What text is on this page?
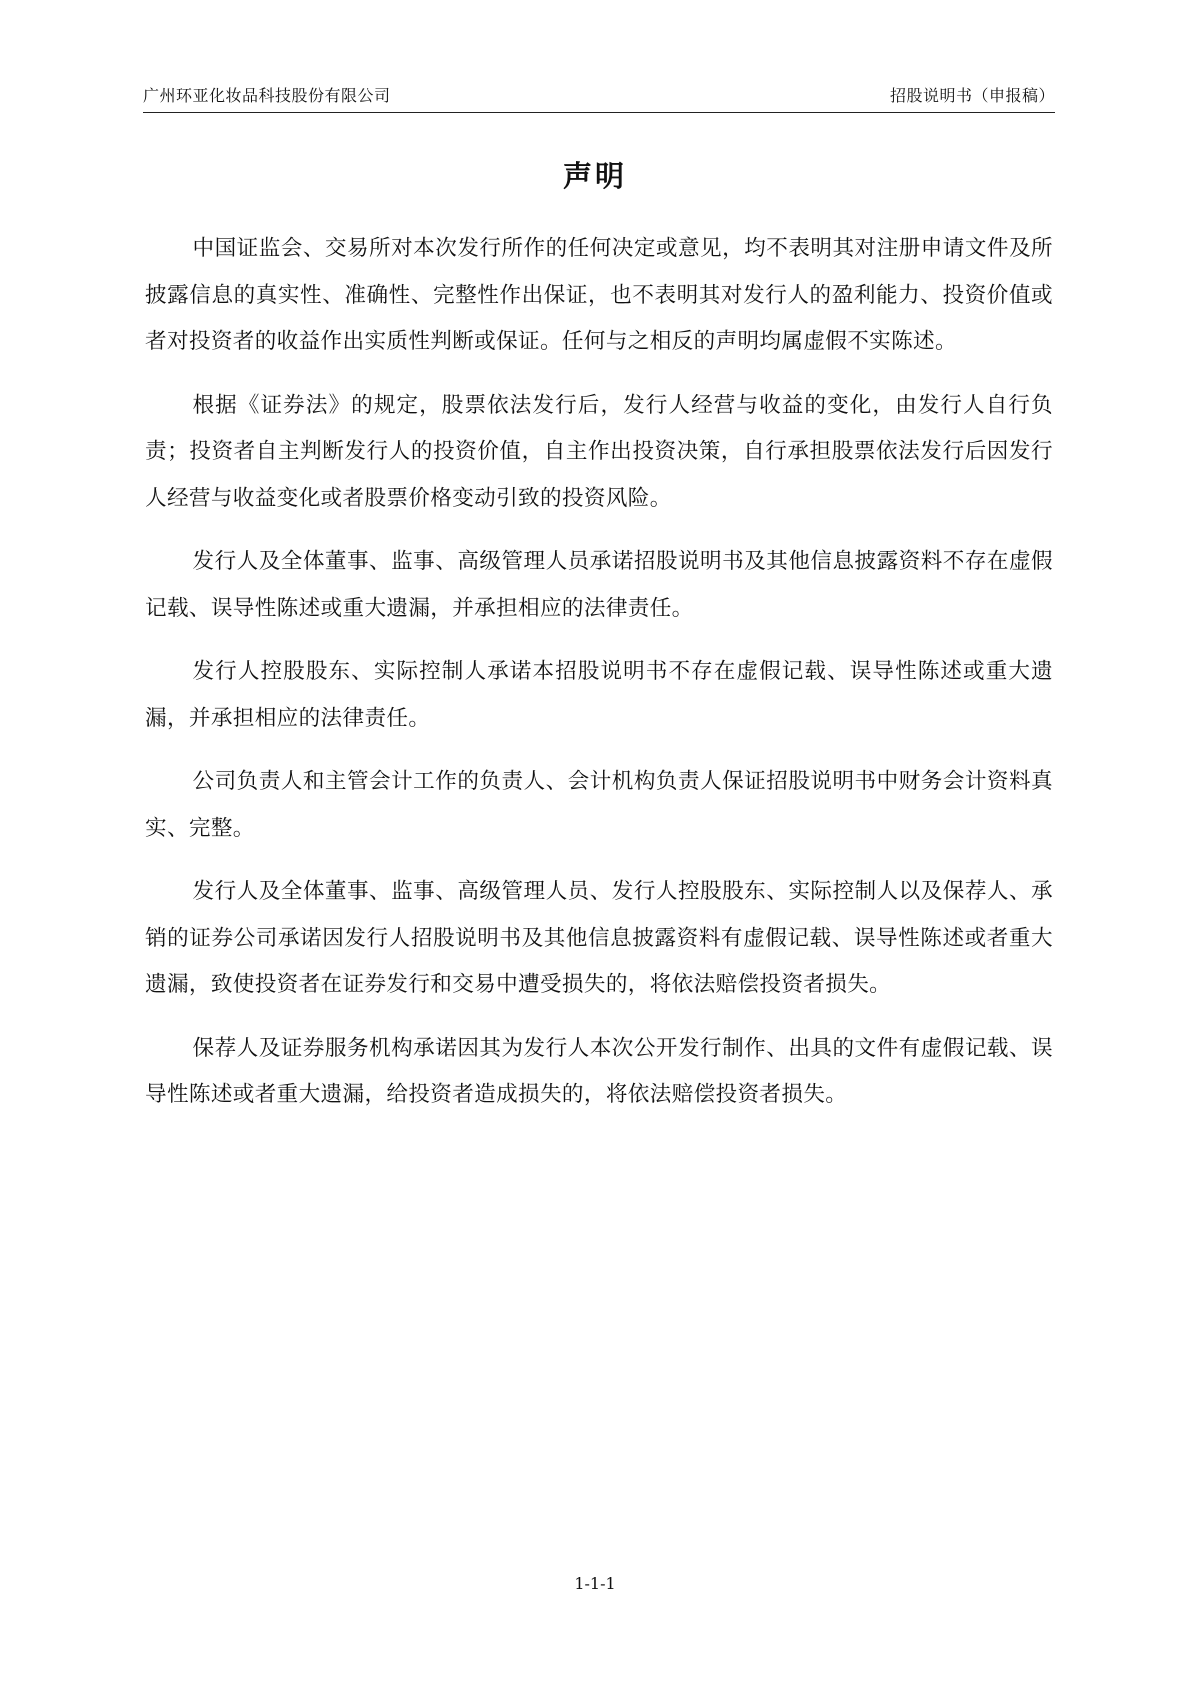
广州环亚化妆品科技股份有限公司	招股说明书（申报稿）
声明

中国证监会、交易所对本次发行所作的任何决定或意见，均不表明其对注册申请文件及所披露信息的真实性、准确性、完整性作出保证，也不表明其对发行人的盈利能力、投资价值或者对投资者的收益作出实质性判断或保证。任何与之相反的声明均属虚假不实陈述。

根据《证券法》的规定，股票依法发行后，发行人经营与收益的变化，由发行人自行负责；投资者自主判断发行人的投资价值，自主作出投资决策，自行承担股票依法发行后因发行人经营与收益变化或者股票价格变动引致的投资风险。

发行人及全体董事、监事、高级管理人员承诺招股说明书及其他信息披露资料不存在虚假记载、误导性陈述或重大遗漏，并承担相应的法律责任。

发行人控股股东、实际控制人承诺本招股说明书不存在虚假记载、误导性陈述或重大遗漏，并承担相应的法律责任。

公司负责人和主管会计工作的负责人、会计机构负责人保证招股说明书中财务会计资料真实、完整。

发行人及全体董事、监事、高级管理人员、发行人控股股东、实际控制人以及保荐人、承销的证券公司承诺因发行人招股说明书及其他信息披露资料有虚假记载、误导性陈述或者重大遗漏，致使投资者在证券发行和交易中遭受损失的，将依法赔偿投资者损失。

保荐人及证券服务机构承诺因其为发行人本次公开发行制作、出具的文件有虚假记载、误导性陈述或者重大遗漏，给投资者造成损失的，将依法赔偿投资者损失。

1-1-1
